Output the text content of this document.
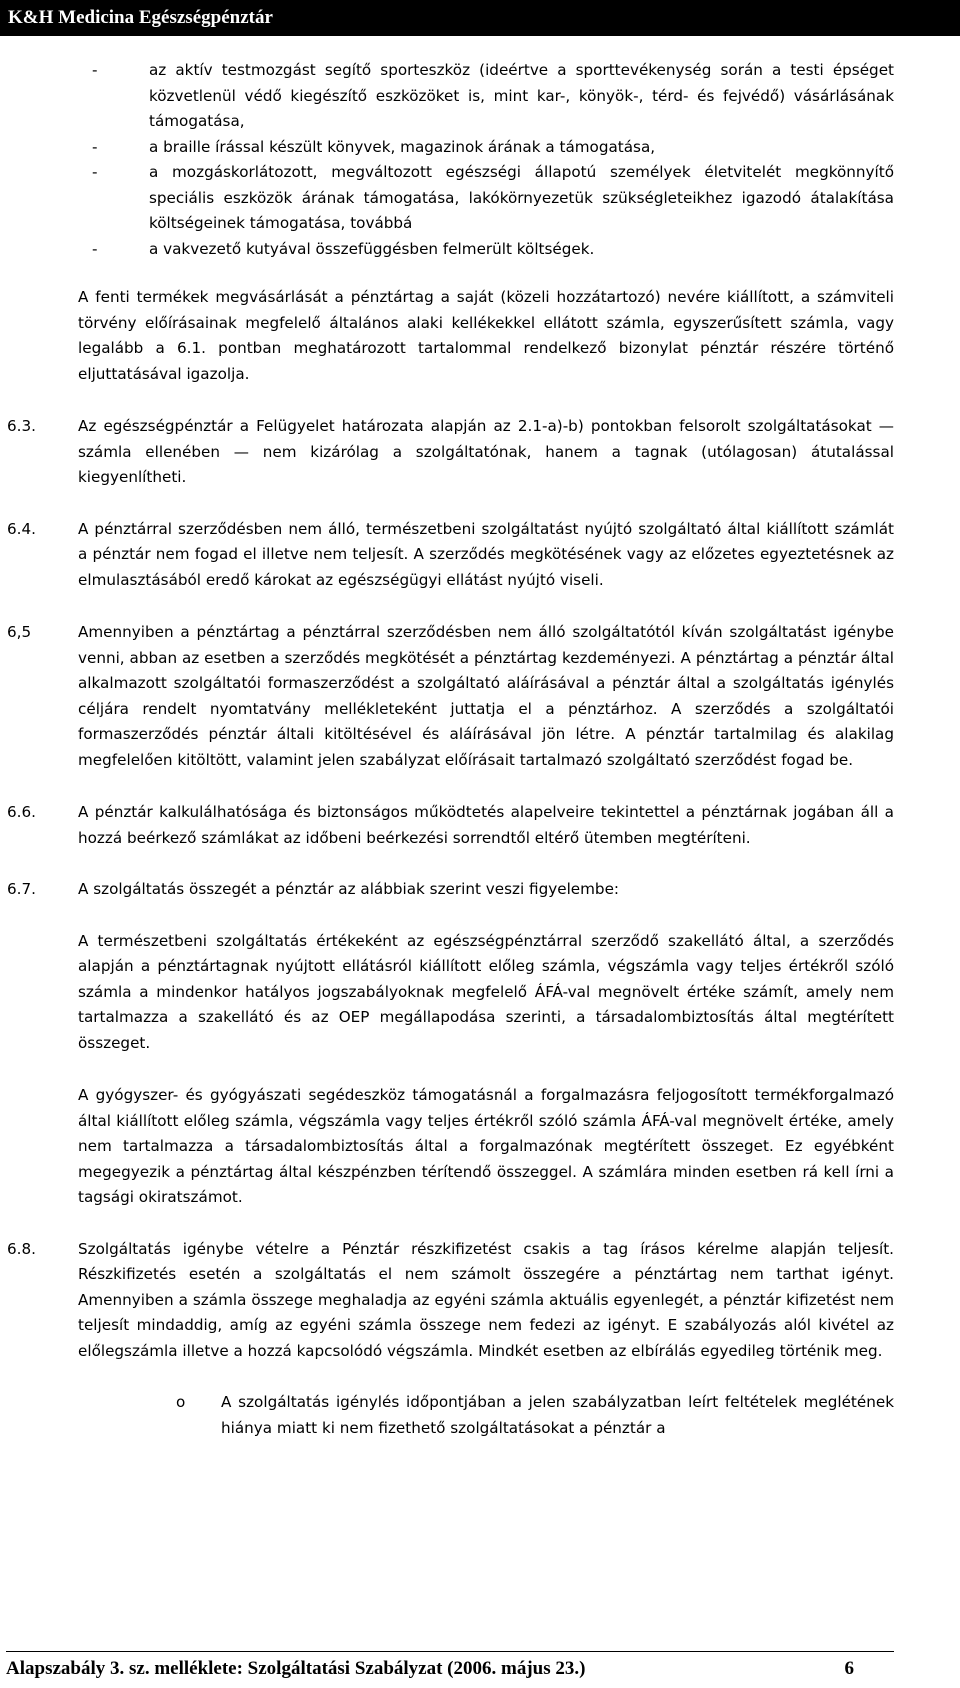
K&H Medicina Egészségpénztár
-	az aktív testmozgást segítő sporteszköz (ideértve a sporttevékenység során a testi épséget közvetlenül védő kiegészítő eszközöket is, mint kar-, könyök-, térd- és fejvédő) vásárlásának támogatása,
-	a braille írással készült könyvek, magazinok árának a támogatása,
-	a mozgáskorlátozott, megváltozott egészségi állapotú személyek életvitelét megkönnyítő speciális eszközök árának támogatása, lakókörnyezetük szükségleteikhez igazodó átalakítása költségeinek támogatása, továbbá
-	a vakvezető kutyával összefüggésben felmerült költségek.
A fenti termékek megvásárlását a pénztártag a saját (közeli hozzátartozó) nevére kiállított, a számviteli törvény előírásainak megfelelő általános alaki kellékekkel ellátott számla, egyszerűsített számla, vagy legalább a 6.1. pontban meghatározott tartalommal rendelkező bizonylat pénztár részére történő eljuttatásával igazolja.
6.3.	Az egészségpénztár a Felügyelet határozata alapján az 2.1-a)-b) pontokban felsorolt szolgáltatásokat — számla ellenében — nem kizárólag a szolgáltatónak, hanem a tagnak (utólagosan) átutalással kiegyenlítheti.
6.4.	A pénztárral szerződésben nem álló, természetbeni szolgáltatást nyújtó szolgáltató által kiállított számlát a pénztár nem fogad el illetve nem teljesít. A szerződés megkötésének vagy az előzetes egyeztetésnek az elmulasztásából eredő károkat az egészségügyi ellátást nyújtó viseli.
6,5	Amennyiben a pénztártag a pénztárral szerződésben nem álló szolgáltatótól kíván szolgáltatást igénybe venni, abban az esetben a szerződés megkötését a pénztártag kezdeményezi. A pénztártag a pénztár által alkalmazott szolgáltatói formaszerződést a szolgáltató aláírásával a pénztár által a szolgáltatás igénylés céljára rendelt nyomtatvány mellékleteként juttatja el a pénztárhoz. A szerződés a szolgáltatói formaszerződés pénztár általi kitöltésével és aláírásával jön létre. A pénztár tartalmilag és alakilag megfelelően kitöltött, valamint jelen szabályzat előírásait tartalmazó szolgáltató szerződést fogad be.
6.6.	A pénztár kalkulálhatósága és biztonságos működtetés alapelveire tekintettel a pénztárnak jogában áll a hozzá beérkező számlákat az időbeni beérkezési sorrendtől eltérő ütemben megtéríteni.
6.7.	A szolgáltatás összegét a pénztár az alábbiak szerint veszi figyelembe:
A természetbeni szolgáltatás értékeként az egészségpénztárral szerződő szakellátó által, a szerződés alapján a pénztártagnak nyújtott ellátásról kiállított előleg számla, végszámla vagy teljes értékről szóló számla a mindenkor hatályos jogszabályoknak megfelelő ÁFÁ-val megnövelt értéke számít, amely nem tartalmazza a szakellátó és az OEP megállapodása szerinti, a társadalombiztosítás által megtérített összeget.
A gyógyszer- és gyógyászati segédeszköz támogatásnál a forgalmazásra feljogosított termékforgalmazó által kiállított előleg számla, végszámla vagy teljes értékről szóló számla ÁFÁ-val megnövelt értéke, amely nem tartalmazza a társadalombiztosítás által a forgalmazónak megtérített összeget. Ez egyébként megegyezik a pénztártag által készpénzben térítendő összeggel. A számlára minden esetben rá kell írni a tagsági okiratszámot.
6.8.	Szolgáltatás igénybe vételre a Pénztár részkifizetést csakis a tag írásos kérelme alapján teljesít. Részkifizetés esetén a szolgáltatás el nem számolt összegére a pénztártag nem tarthat igényt. Amennyiben a számla összege meghaladja az egyéni számla aktuális egyenlegét, a pénztár kifizetést nem teljesít mindaddig, amíg az egyéni számla összege nem fedezi az igényt. E szabályozás alól kivétel az előlegszámla illetve a hozzá kapcsolódó végszámla. Mindkét esetben az elbírálás egyedileg történik meg.
o	A szolgáltatás igénylés időpontjában a jelen szabályzatban leírt feltételek meglétének hiánya miatt ki nem fizethető szolgáltatásokat a pénztár a
Alapszabály 3. sz. melléklete: Szolgáltatási Szabályzat (2006. május 23.)	6
